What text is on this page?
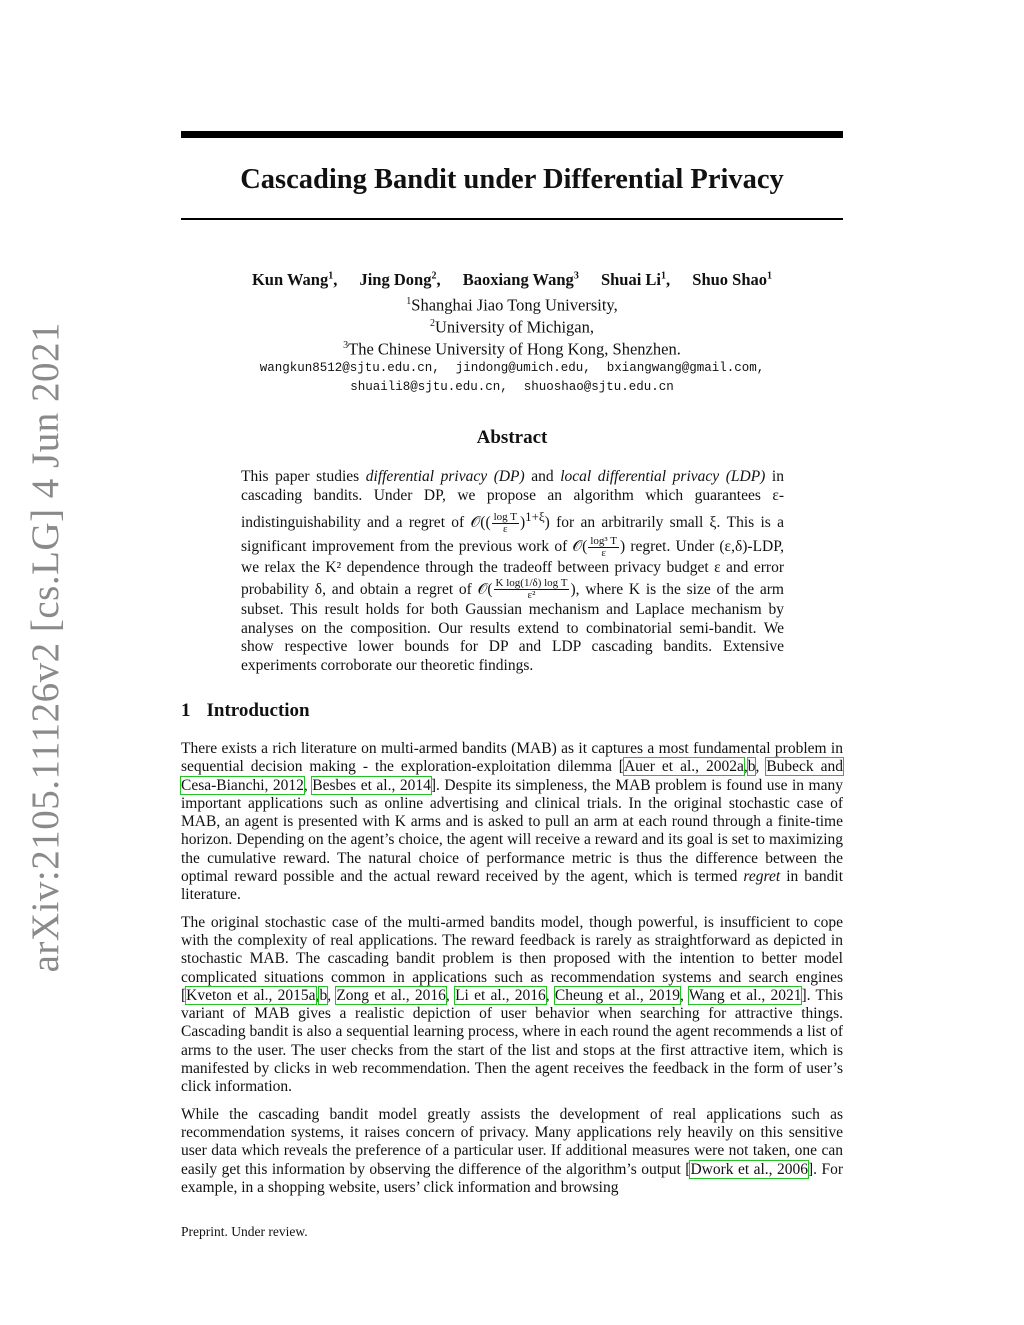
arXiv:2105.11126v2 [cs.LG] 4 Jun 2021
Cascading Bandit under Differential Privacy
Kun Wang$^1$, Jing Dong$^2$, Baoxiang Wang$^3$ Shuai Li$^1$, Shuo Shao$^1$
$^1$Shanghai Jiao Tong University,
$^2$University of Michigan,
$^3$The Chinese University of Hong Kong, Shenzhen.
wangkun8512@sjtu.edu.cn, jindong@umich.edu, bxiangwang@gmail.com,
shuaili8@sjtu.edu.cn, shuoshao@sjtu.edu.cn
Abstract
This paper studies differential privacy (DP) and local differential privacy (LDP) in cascading bandits. Under DP, we propose an algorithm which guarantees ε-indistinguishability and a regret of 𝒪(( $\frac{\text{log T}}{\varepsilon} )^{1+\xi}$) for an arbitrarily small ξ. This is a significant improvement from the previous work of 𝒪( $\frac{\text{log³ T}}{\varepsilon}$ ) regret. Under (ε,δ)-LDP, we relax the K² dependence through the tradeoff between privacy budget ε and error probability δ, and obtain a regret of 𝒪( $\frac{\text{K log(1/δ) log T}}{\text{ε²}}$ ), where K is the size of the arm subset. This result holds for both Gaussian mechanism and Laplace mechanism by analyses on the composition. Our results extend to combinatorial semi-bandit. We show respective lower bounds for DP and LDP cascading bandits. Extensive experiments corroborate our theoretic findings.
1 Introduction

There exists a rich literature on multi-armed bandits (MAB) as it captures a most fundamental problem in sequential decision making - the exploration-exploitation dilemma [Auer et al., 2002a,b, Bubeck and Cesa-Bianchi, 2012, Besbes et al., 2014]. Despite its simpleness, the MAB problem is found use in many important applications such as online advertising and clinical trials. In the original stochastic case of MAB, an agent is presented with K arms and is asked to pull an arm at each round through a finite-time horizon. Depending on the agent’s choice, the agent will receive a reward and its goal is set to maximizing the cumulative reward. The natural choice of performance metric is thus the difference between the optimal reward possible and the actual reward received by the agent, which is termed regret in bandit literature.

The original stochastic case of the multi-armed bandits model, though powerful, is insufficient to cope with the complexity of real applications. The reward feedback is rarely as straightforward as depicted in stochastic MAB. The cascading bandit problem is then proposed with the intention to better model complicated situations common in applications such as recommendation systems and search engines [Kveton et al., 2015a,b, Zong et al., 2016, Li et al., 2016, Cheung et al., 2019, Wang et al., 2021]. This variant of MAB gives a realistic depiction of user behavior when searching for attractive things. Cascading bandit is also a sequential learning process, where in each round the agent recommends a list of arms to the user. The user checks from the start of the list and stops at the first attractive item, which is manifested by clicks in web recommendation. Then the agent receives the feedback in the form of user’s click information.

While the cascading bandit model greatly assists the development of real applications such as recommendation systems, it raises concern of privacy. Many applications rely heavily on this sensitive user data which reveals the preference of a particular user. If additional measures were not taken, one can easily get this information by observing the difference of the algorithm’s output [Dwork et al., 2006]. For example, in a shopping website, users’ click information and browsing

Preprint. Under review.
